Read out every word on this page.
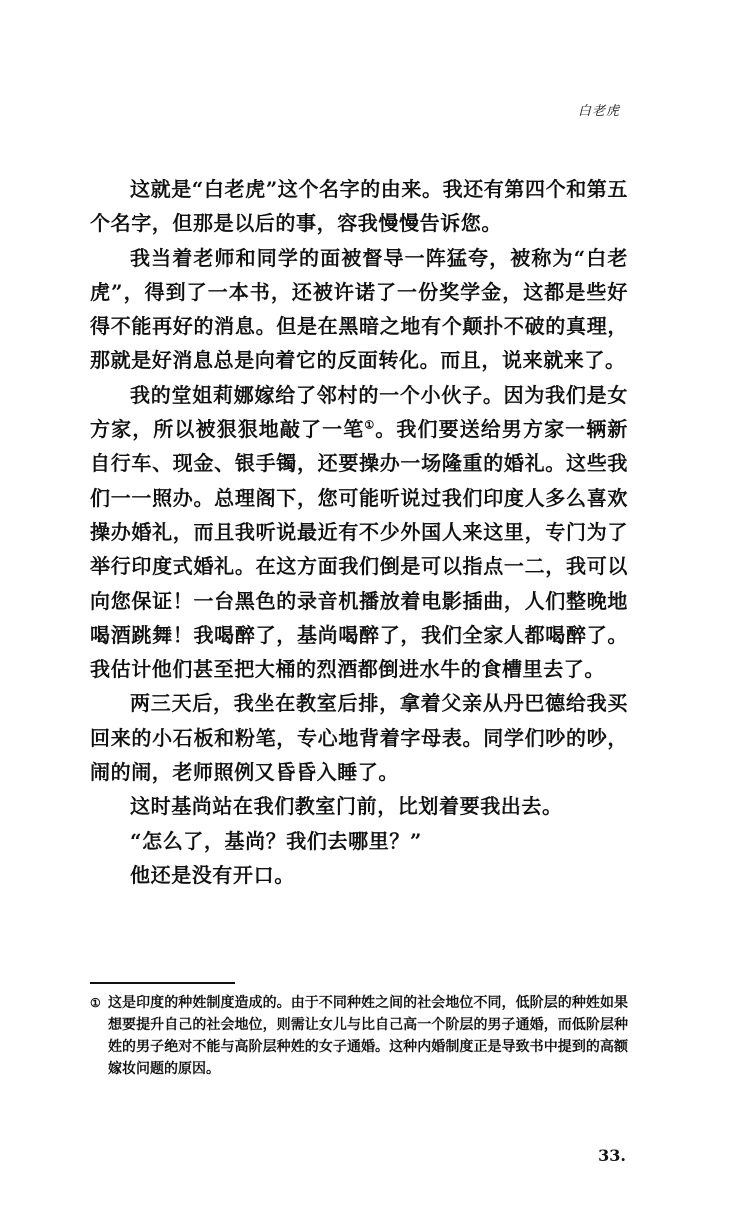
白老虎

这就是“白老虎”这个名字的由来。我还有第四个和第五个名字，但那是以后的事，容我慢慢告诉您。

我当着老师和同学的面被督导一阵猛夸，被称为“白老虎”，得到了一本书，还被许诺了一份奖学金，这都是些好得不能再好的消息。但是在黑暗之地有个颠扑不破的真理，那就是好消息总是向着它的反面转化。而且，说来就来了。

我的堂姐莉娜嫁给了邻村的一个小伙子。因为我们是女方家，所以被狠狠地敲了一笔①。我们要送给男方家一辆新自行车、现金、银手镯，还要操办一场隆重的婚礼。这些我们一一照办。总理阁下，您可能听说过我们印度人多么喜欢操办婚礼，而且我听说最近有不少外国人来这里，专门为了举行印度式婚礼。在这方面我们倒是可以指点一二，我可以向您保证！一台黑色的录音机播放着电影插曲，人们整晚地喝酒跳舞！我喝醉了，基尚喝醉了，我们全家人都喝醉了。我估计他们甚至把大桶的烈酒都倒进水牛的食槽里去了。

两三天后，我坐在教室后排，拿着父亲从丹巴德给我买回来的小石板和粉笔，专心地背着字母表。同学们吵的吵，闹的闹，老师照例又昏昏入睡了。

这时基尚站在我们教室门前，比划着要我出去。

“怎么了，基尚？我们去哪里？”

他还是没有开口。

① 这是印度的种姓制度造成的。由于不同种姓之间的社会地位不同，低阶层的种姓如果想要提升自己的社会地位，则需让女儿与比自己高一个阶层的男子通婚，而低阶层种姓的男子绝对不能与高阶层种姓的女子通婚。这种内婚制度正是导致书中提到的高额嫁妆问题的原因。
33.
